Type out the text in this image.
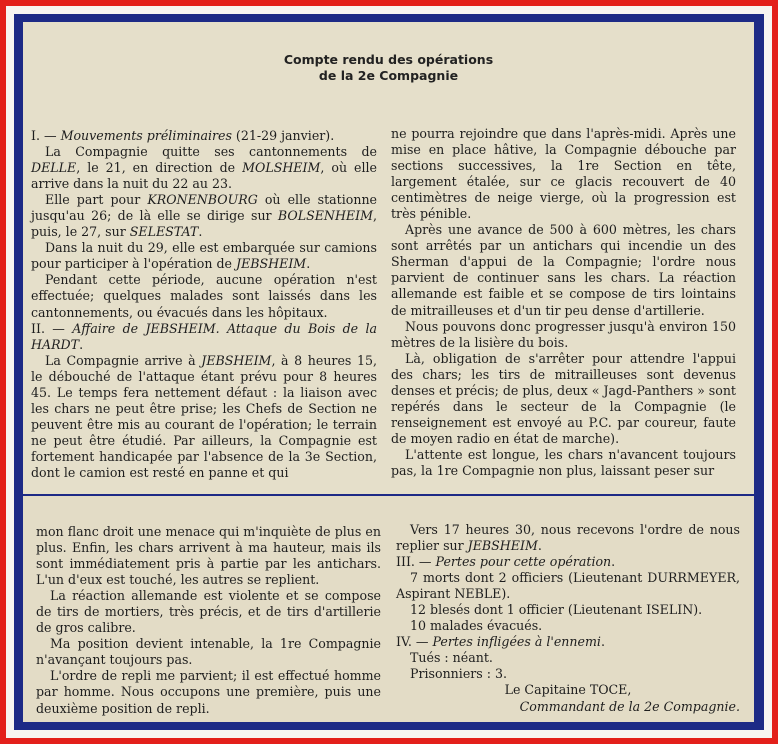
Compte rendu des opérations
de la 2e Compagnie

I. — Mouvements préliminaires (21-29 janvier).

La Compagnie quitte ses cantonnements de DELLE, le 21, en direction de MOLSHEIM, où elle arrive dans la nuit du 22 au 23.

Elle part pour KRONENBOURG où elle stationne jusqu'au 26; de là elle se dirige sur BOLSENHEIM, puis, le 27, sur SELESTAT.

Dans la nuit du 29, elle est embarquée sur camions pour participer à l'opération de JEBSHEIM.

Pendant cette période, aucune opération n'est effectuée; quelques malades sont laissés dans les cantonnements, ou évacués dans les hôpitaux.

II. — Affaire de JEBSHEIM. Attaque du Bois de la HARDT.

La Compagnie arrive à JEBSHEIM, à 8 heures 15, le débouché de l'attaque étant prévu pour 8 heures 45. Le temps fera nettement défaut : la liaison avec les chars ne peut être prise; les Chefs de Section ne peuvent être mis au courant de l'opération; le terrain ne peut être étudié. Par ailleurs, la Compagnie est fortement handicapée par l'absence de la 3e Section, dont le camion est resté en panne et qui

ne pourra rejoindre que dans l'après-midi. Après une mise en place hâtive, la Compagnie débouche par sections successives, la 1re Section en tête, largement étalée, sur ce glacis recouvert de 40 centimètres de neige vierge, où la progression est très pénible.

Après une avance de 500 à 600 mètres, les chars sont arrêtés par un antichars qui incendie un des Sherman d'appui de la Compagnie; l'ordre nous parvient de continuer sans les chars. La réaction allemande est faible et se compose de tirs lointains de mitrailleuses et d'un tir peu dense d'artillerie.

Nous pouvons donc progresser jusqu'à environ 150 mètres de la lisière du bois.

Là, obligation de s'arrêter pour attendre l'appui des chars; les tirs de mitrailleuses sont devenus denses et précis; de plus, deux « Jagd-Panthers » sont repérés dans le secteur de la Compagnie (le renseignement est envoyé au P.C. par coureur, faute de moyen radio en état de marche).

L'attente est longue, les chars n'avancent toujours pas, la 1re Compagnie non plus, laissant peser sur

mon flanc droit une menace qui m'inquiète de plus en plus. Enfin, les chars arrivent à ma hauteur, mais ils sont immédiatement pris à partie par les antichars. L'un d'eux est touché, les autres se replient.

La réaction allemande est violente et se compose de tirs de mortiers, très précis, et de tirs d'artillerie de gros calibre.

Ma position devient intenable, la 1re Compagnie n'avançant toujours pas.

L'ordre de repli me parvient; il est effectué homme par homme. Nous occupons une première, puis une deuxième position de repli.

Vers 17 heures 30, nous recevons l'ordre de nous replier sur JEBSHEIM.

III. — Pertes pour cette opération.

7 morts dont 2 officiers (Lieutenant DURRMEYER, Aspirant NEBLE).

12 blesés dont 1 officier (Lieutenant ISELIN).

10 malades évacués.

IV. — Pertes infligées à l'ennemi.

Tués : néant.

Prisonniers : 3.

Le Capitaine TOCE,

Commandant de la 2e Compagnie.
